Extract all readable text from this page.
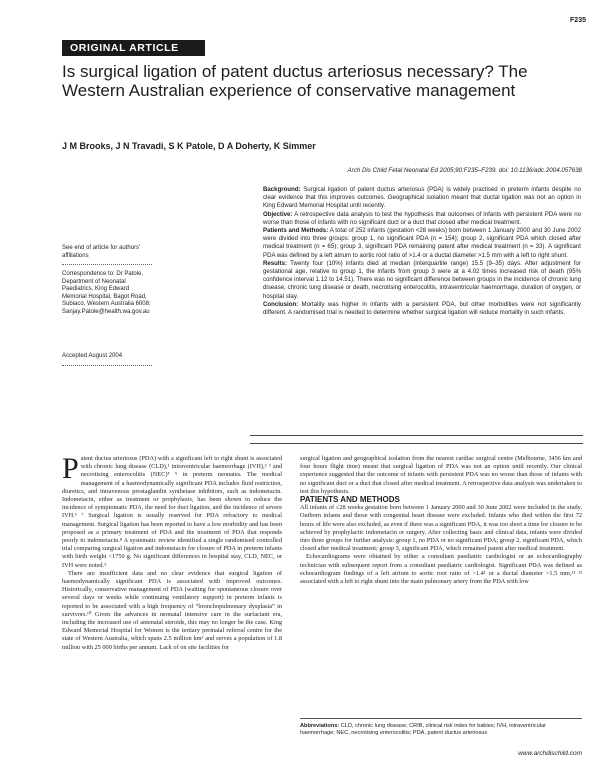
F235
ORIGINAL ARTICLE
Is surgical ligation of patent ductus arteriosus necessary? The Western Australian experience of conservative management
J M Brooks, J N Travadi, S K Patole, D A Doherty, K Simmer
Arch Dis Child Fetal Neonatal Ed 2005;90:F235–F239. doi: 10.1136/adc.2004.057638

Background: Surgical ligation of patent ductus arteriosus (PDA) is widely practised in preterm infants despite no clear evidence that this improves outcomes. Geographical isolation meant that ductal ligation was not an option in King Edward Memorial Hospital until recently.

Objective: A retrospective data analysis to test the hypothesis that outcomes of infants with persistent PDA were no worse than those of infants with no significant duct or a duct that closed after medical treatment.

Patients and Methods: A total of 252 infants (gestation <28 weeks) born between 1 January 2000 and 30 June 2002 were divided into three groups: group 1, no significant PDA (n = 154); group 2, significant PDA which closed after medical treatment (n = 65); group 3, significant PDA remaining patent after medical treatment (n = 33). A significant PDA was defined by a left atrium to aortic root ratio of >1.4 or a ductal diameter >1.5 mm with a left to right shunt.

Results: Twenty four (10%) infants died at median (interquartile range) 15.5 (9–35) days. After adjustment for gestational age, relative to group 1, the infants from group 3 were at a 4.02 times increased risk of death (95% confidence interval 1.12 to 14.51). There was no significant difference between groups in the incidence of chronic lung disease, chronic lung disease or death, necrotising enterocolitis, intraventricular haemorrhage, duration of oxygen, or hospital stay.

Conclusion: Mortality was higher in infants with a persistent PDA, but other morbidities were not significantly different. A randomised trial is needed to determine whether surgical ligation will reduce mortality in such infants.

See end of article for authors' affiliations
Correspondence to: Dr Patole, Department of Neonatal Paediatrics, King Edward Memorial Hospital, Bagot Road, Subiaco, Western Australia 6008; Sanjay.Patole@health.wa.gov.au
Accepted August 2004

Patent ductus arteriosus (PDA) with a significant left to right shunt is associated with chronic lung disease (CLD),¹ intraventricular haemorrhage (IVH),² ³ and necrotising enterocolitis (NEC)⁴ ⁵ in preterm neonates. The medical management of a haemodynamically significant PDA includes fluid restriction, diuretics, and intravenous prostaglandin synthetase inhibitors, such as indometacin. Indometacin, either as treatment or prophylaxis, has been shown to reduce the incidence of symptomatic PDA, the need for duct ligation, and the incidence of severe IVH.⁶ ⁷ Surgical ligation is usually reserved for PDA refractory to medical management. Surgical ligation has been reported to have a low morbidity and has been proposed as a primary treatment of PDA and the treatment of PDA that responds poorly to indometacin.⁸ A systematic review identified a single randomised controlled trial comparing surgical ligation and indometacin for closure of PDA in preterm infants with birth weight <1750 g. No significant differences in hospital stay, CLD, NEC, or IVH were noted.⁹

There are insufficient data and no clear evidence that surgical ligation of haemodynamically significant PDA is associated with improved outcomes. Historically, conservative management of PDA (waiting for spontaneous closure over several days or weeks while continuing ventilatory support) in preterm infants is reported to be associated with a high frequency of “bronchopulmonary dysplasia” in survivors.¹⁰ Given the advances in neonatal intensive care in the surfactant era, including the increased use of antenatal steroids, this may no longer be the case. King Edward Memorial Hospital for Women is the tertiary perinatal referral centre for the state of Western Australia, which spans 2.5 million km² and serves a population of 1.8 million with 25 000 births per annum. Lack of on site facilities for

surgical ligation and geographical isolation from the nearest cardiac surgical centre (Melbourne, 3456 km and four hours flight time) meant that surgical ligation of PDA was not an option until recently. Our clinical experience suggested that the outcome of infants with persistent PDA was no worse than those of infants with no significant duct or a duct that closed after medical treatment. A retrospective data analysis was undertaken to test this hypothesis.

PATIENTS AND METHODS

All infants of ≤28 weeks gestation born between 1 January 2000 and 30 June 2002 were included in the study. Outborn infants and those with congenital heart disease were excluded. Infants who died within the first 72 hours of life were also excluded, as even if there was a significant PDA, it was too short a time for closure to be achieved by prophylactic indometacin or surgery. After collecting basic and clinical data, infants were divided into three groups for further analysis: group 1, no PDA or no significant PDA; group 2, significant PDA, which closed after medical treatment; group 3, significant PDA, which remained patent after medical treatment.

Echocardiograms were obtained by either a consultant paediatric cardiologist or an echocardiography technician with subsequent report from a consultant paediatric cardiologist. Significant PDA was defined as echocardiogram findings of a left atrium to aortic root ratio of >1.4¹ or a ductal diameter >1.5 mm,¹¹ ¹² associated with a left to right shunt into the main pulmonary artery from the PDA with low

Abbreviations: CLD, chronic lung disease; CRIB, clinical risk index for babies; IVH, intraventricular haemorrhage; NEC, necrotising enterocolitis; PDA, patent ductus arteriosus
www.archdischild.com
